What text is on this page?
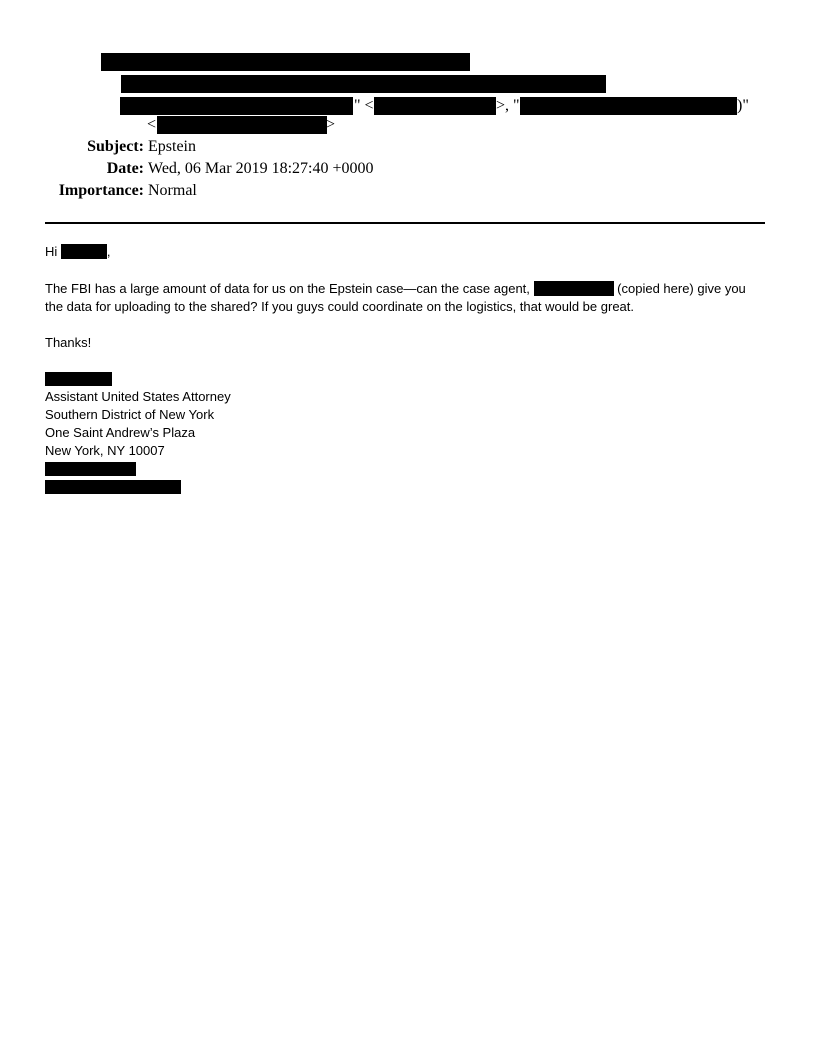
" <	>, "	)"
<	>
Subject: Epstein
Date: Wed, 06 Mar 2019 18:27:40 +0000
Importance: Normal
Hi	,
The FBI has a large amount of data for us on the Epstein case—can the case agent,	(copied here) give you
the data for uploading to the shared? If you guys could coordinate on the logistics, that would be great.
Thanks!
Assistant United States Attorney
Southern District of New York
One Saint Andrew’s Plaza
New York, NY 10007
